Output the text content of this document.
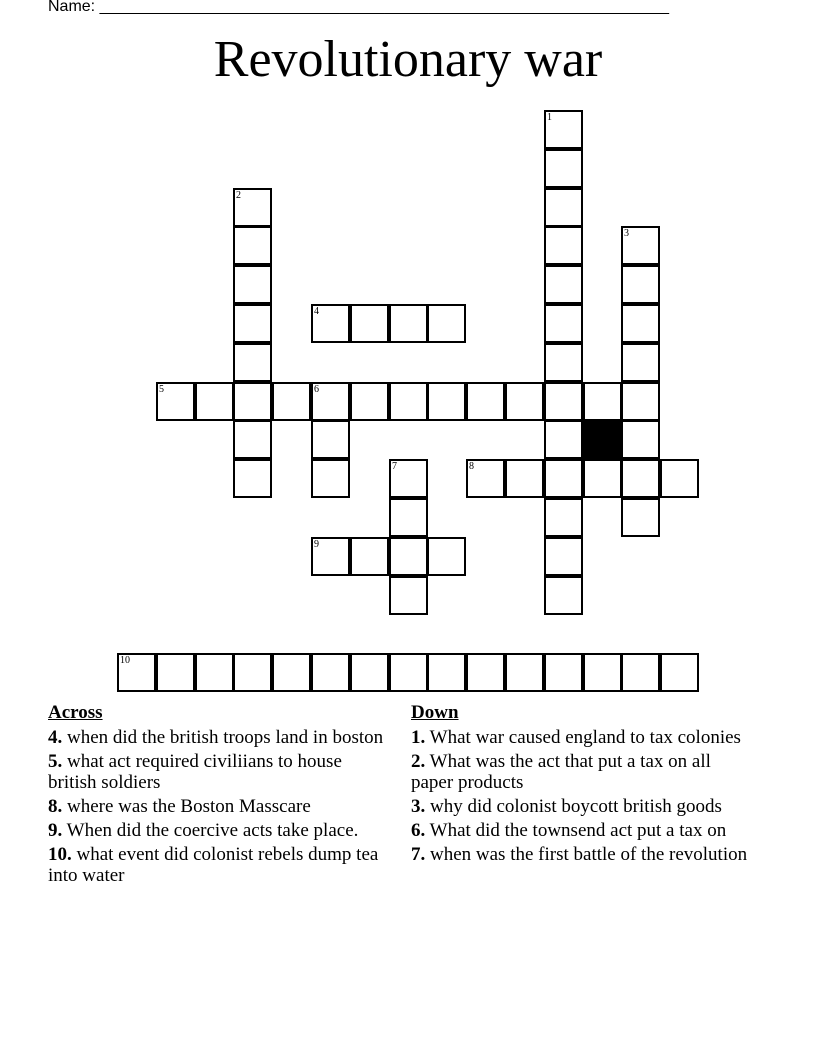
Name: ________________________________________________________________
Revolutionary war
1
2
3
4
5	6
7	8
9
10
Across
4. when did the british troops land in boston
5. what act required civiliians to house british soldiers
8. where was the Boston Masscare
9. When did the coercive acts take place.
10. what event did colonist rebels dump tea into water
Down
1. What war caused england to tax colonies
2. What was the act that put a tax on all paper products
3. why did colonist boycott british goods
6. What did the townsend act put a tax on
7. when was the first battle of the revolution
